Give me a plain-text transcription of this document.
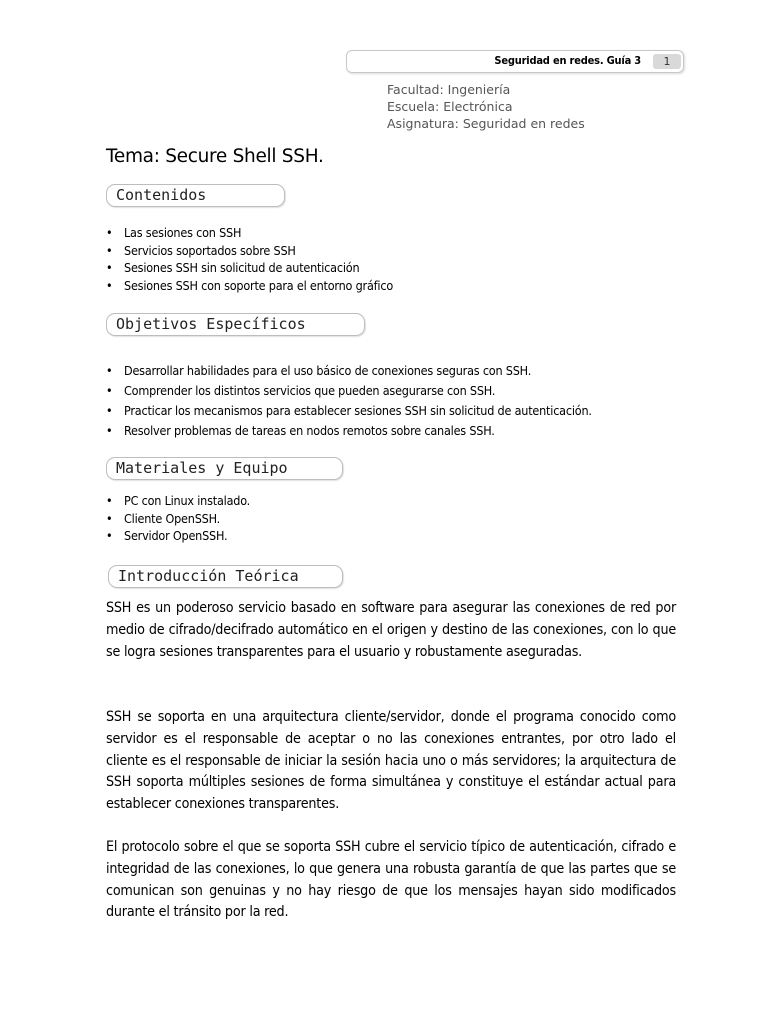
Seguridad en redes. Guía 3	1
Facultad: Ingeniería
Escuela: Electrónica
Asignatura: Seguridad en redes
Tema: Secure Shell SSH.
Contenidos
• Las sesiones con SSH
• Servicios soportados sobre SSH
• Sesiones SSH sin solicitud de autenticación
• Sesiones SSH con soporte para el entorno gráfico
Objetivos Específicos
• Desarrollar habilidades para el uso básico de conexiones seguras con SSH.
• Comprender los distintos servicios que pueden asegurarse con SSH.
• Practicar los mecanismos para establecer sesiones SSH sin solicitud de autenticación.
• Resolver problemas de tareas en nodos remotos sobre canales SSH.
Materiales y Equipo
• PC con Linux instalado.
• Cliente OpenSSH.
• Servidor OpenSSH.
Introducción Teórica

SSH es un poderoso servicio basado en software para asegurar las conexiones de red por medio de cifrado/decifrado automático en el origen y destino de las conexiones, con lo que se logra sesiones transparentes para el usuario y robustamente aseguradas.

SSH se soporta en una arquitectura cliente/servidor, donde el programa conocido como servidor es el responsable de aceptar o no las conexiones entrantes, por otro lado el cliente es el responsable de iniciar la sesión hacia uno o más servidores; la arquitectura de SSH soporta múltiples sesiones de forma simultánea y constituye el estándar actual para establecer conexiones transparentes.

El protocolo sobre el que se soporta SSH cubre el servicio típico de autenticación, cifrado e integridad de las conexiones, lo que genera una robusta garantía de que las partes que se comunican son genuinas y no hay riesgo de que los mensajes hayan sido modificados durante el tránsito por la red.
